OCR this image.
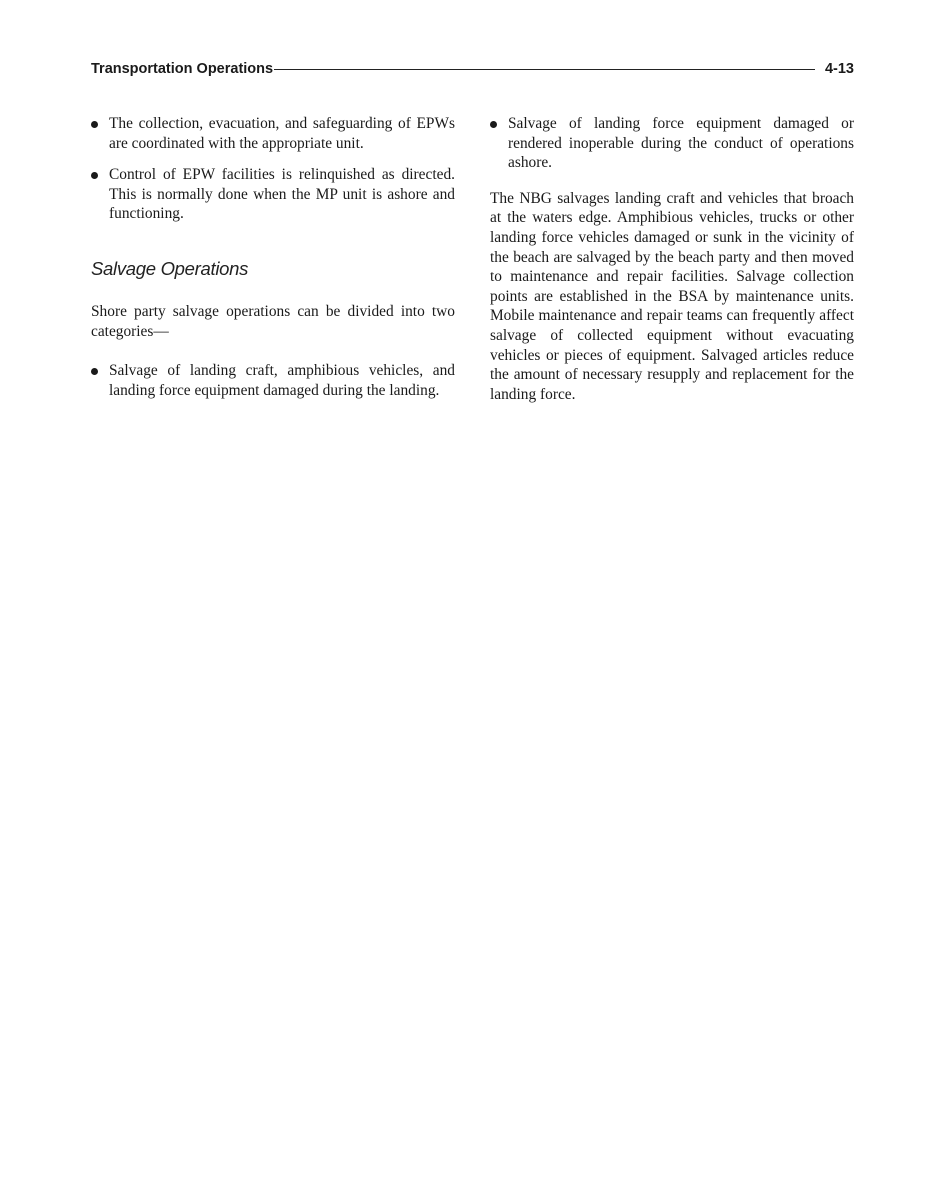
Transportation Operations	4-13
The collection, evacuation, and safeguarding of EPWs are coordinated with the appropriate unit.
Control of EPW facilities is relinquished as directed. This is normally done when the MP unit is ashore and functioning.
Salvage Operations
Shore party salvage operations can be divided into two categories—
Salvage of landing craft, amphibious vehicles, and landing force equipment damaged during the landing.
Salvage of landing force equipment damaged or rendered inoperable during the conduct of operations ashore.
The NBG salvages landing craft and vehicles that broach at the waters edge. Amphibious vehicles, trucks or other landing force vehicles damaged or sunk in the vicinity of the beach are salvaged by the beach party and then moved to maintenance and repair facilities. Salvage collection points are established in the BSA by maintenance units. Mobile maintenance and repair teams can frequently affect salvage of collected equipment without evacuating vehicles or pieces of equipment. Salvaged articles reduce the amount of necessary resupply and replacement for the landing force.
